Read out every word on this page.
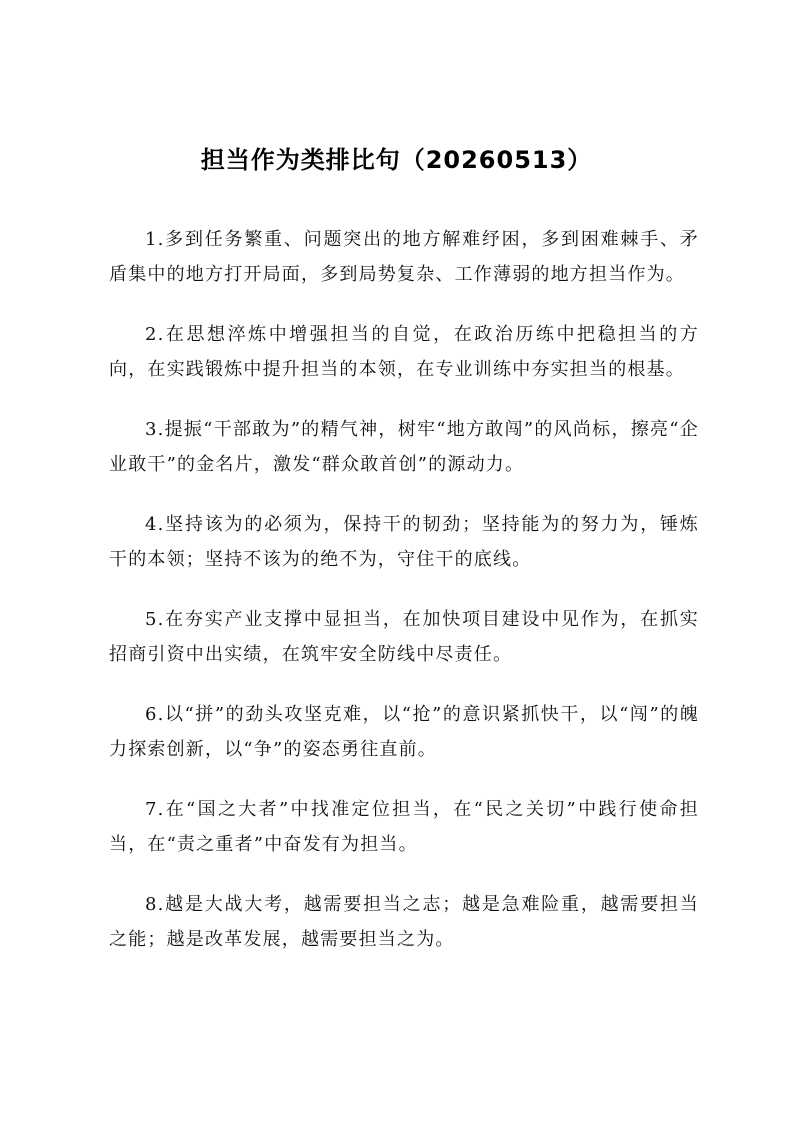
担当作为类排比句（20260513）

1.多到任务繁重、问题突出的地方解难纾困，多到困难棘手、矛盾集中的地方打开局面，多到局势复杂、工作薄弱的地方担当作为。

2.在思想淬炼中增强担当的自觉，在政治历练中把稳担当的方向，在实践锻炼中提升担当的本领，在专业训练中夯实担当的根基。

3.提振“干部敢为”的精气神，树牢“地方敢闯”的风尚标，擦亮“企业敢干”的金名片，激发“群众敢首创”的源动力。

4.坚持该为的必须为，保持干的韧劲；坚持能为的努力为，锤炼干的本领；坚持不该为的绝不为，守住干的底线。

5.在夯实产业支撑中显担当，在加快项目建设中见作为，在抓实招商引资中出实绩，在筑牢安全防线中尽责任。

6.以“拼”的劲头攻坚克难，以“抢”的意识紧抓快干，以“闯”的魄力探索创新，以“争”的姿态勇往直前。

7.在“国之大者”中找准定位担当，在“民之关切”中践行使命担当，在“责之重者”中奋发有为担当。

8.越是大战大考，越需要担当之志；越是急难险重，越需要担当之能；越是改革发展，越需要担当之为。
